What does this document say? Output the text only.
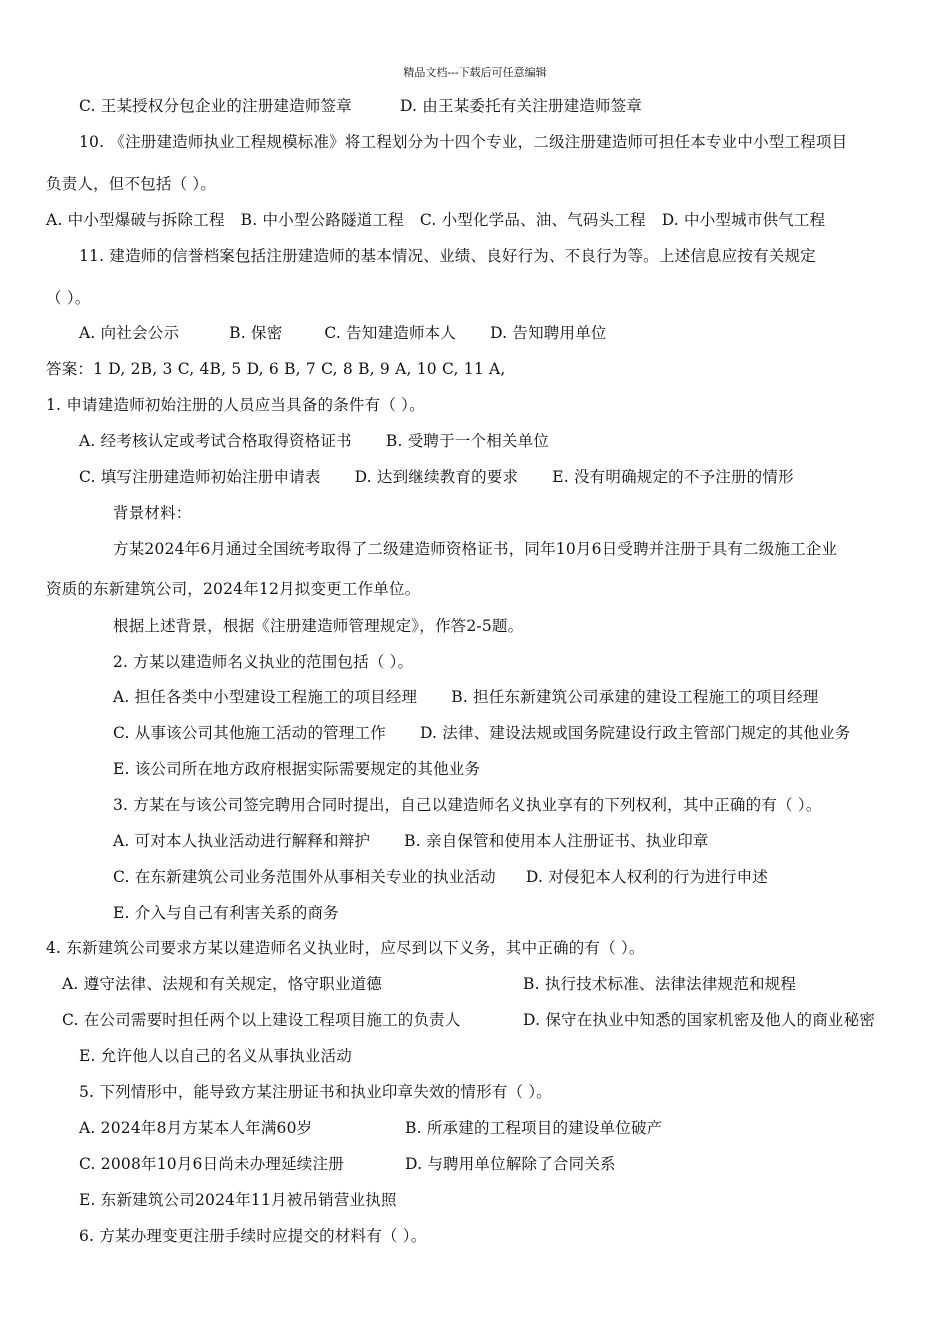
精品文档---下载后可任意编辑
C. 王某授权分包企业的注册建造师签章	D. 由王某委托有关注册建造师签章
10. 《注册建造师执业工程规模标准》将工程划分为十四个专业，二级注册建造师可担任本专业中小型工程项目
负责人，但不包括（ ）。
A. 中小型爆破与拆除工程 B. 中小型公路隧道工程 C. 小型化学品、油、气码头工程 D. 中小型城市供气工程
11. 建造师的信誉档案包括注册建造师的基本情况、业绩、良好行为、不良行为等。上述信息应按有关规定
（ ）。
A. 向社会公示	B. 保密	C. 告知建造师本人 D. 告知聘用单位
答案：1 D, 2B, 3 C, 4B, 5 D, 6 B, 7 C, 8 B, 9 A, 10 C, 11 A,
1. 申请建造师初始注册的人员应当具备的条件有（ ）。
A. 经考核认定或考试合格取得资格证书 B. 受聘于一个相关单位
C. 填写注册建造师初始注册申请表 D. 达到继续教育的要求 E. 没有明确规定的不予注册的情形
背景材料：
方某2024年6月通过全国统考取得了二级建造师资格证书，同年10月6日受聘并注册于具有二级施工企业
资质的东新建筑公司，2024年12月拟变更工作单位。
根据上述背景，根据《注册建造师管理规定》，作答2-5题。
2. 方某以建造师名义执业的范围包括（ ）。
A. 担任各类中小型建设工程施工的项目经理 B. 担任东新建筑公司承建的建设工程施工的项目经理
C. 从事该公司其他施工活动的管理工作 D. 法律、建设法规或国务院建设行政主管部门规定的其他业务
E. 该公司所在地方政府根据实际需要规定的其他业务
3. 方某在与该公司签完聘用合同时提出，自己以建造师名义执业享有的下列权利，其中正确的有（ ）。
A. 可对本人执业活动进行解释和辩护 B. 亲自保管和使用本人注册证书、执业印章
C. 在东新建筑公司业务范围外从事相关专业的执业活动 D. 对侵犯本人权利的行为进行申述
E. 介入与自己有利害关系的商务
4. 东新建筑公司要求方某以建造师名义执业时，应尽到以下义务，其中正确的有（ ）。
A. 遵守法律、法规和有关规定，恪守职业道德	B. 执行技术标准、法律法律规范和规程
C. 在公司需要时担任两个以上建设工程项目施工的负责人	D. 保守在执业中知悉的国家机密及他人的商业秘密
E. 允许他人以自己的名义从事执业活动
5. 下列情形中，能导致方某注册证书和执业印章失效的情形有（ ）。
A. 2024年8月方某本人年满60岁	B. 所承建的工程项目的建设单位破产
C. 2008年10月6日尚未办理延续注册	D. 与聘用单位解除了合同关系
E. 东新建筑公司2024年11月被吊销营业执照
6. 方某办理变更注册手续时应提交的材料有（ ）。
